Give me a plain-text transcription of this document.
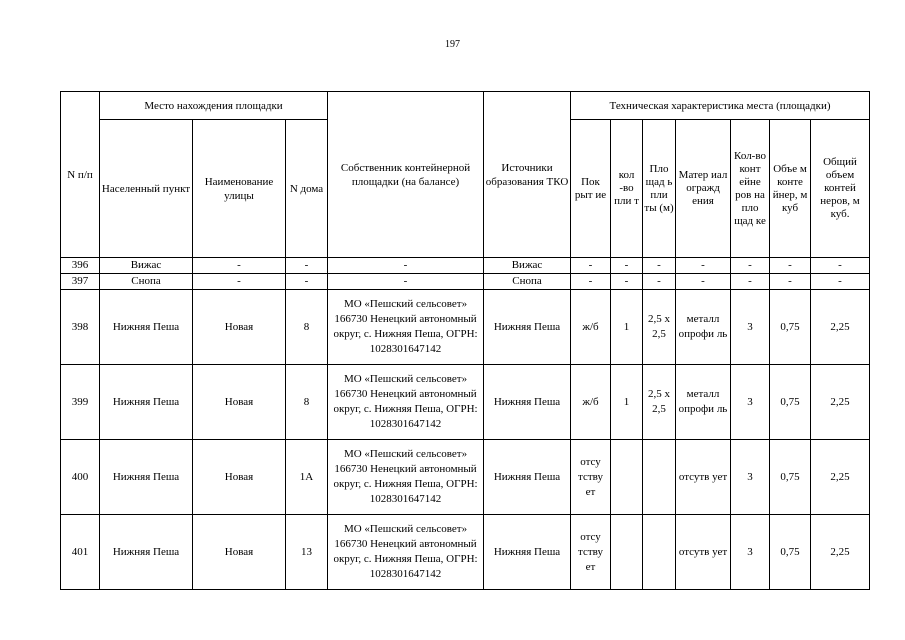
197
N п/п	Место нахождения площадки			Собственник контейнерной площадки (на балансе)	Источники образования ТКО	Техническая характеристика места (площадки)						
	Населенный пункт	Наименование улицы	N дома			Пок рыт ие	кол -во пли т	Пло щад ь пли ты (м)	Матер иал огражд ения	Кол-во конт ейне ров на пло щад ке	Объе м конте йнер, м куб	Общий объем контей неров, м куб.
396	Вижас	-	-	-	Вижас	-	-	-	-	-	-	-
397	Снопа	-	-	-	Снопа	-	-	-	-	-	-	-
398	Нижняя Пеша	Новая	8	МО «Пешский сельсовет» 166730 Ненецкий автономный округ, с. Нижняя Пеша, ОГРН: 1028301647142	Нижняя Пеша	ж/б	1	2,5 х 2,5	металл опрофи ль	3	0,75	2,25
399	Нижняя Пеша	Новая	8	МО «Пешский сельсовет» 166730 Ненецкий автономный округ, с. Нижняя Пеша, ОГРН: 1028301647142	Нижняя Пеша	ж/б	1	2,5 х 2,5	металл опрофи ль	3	0,75	2,25
400	Нижняя Пеша	Новая	1А	МО «Пешский сельсовет» 166730 Ненецкий автономный округ, с. Нижняя Пеша, ОГРН: 1028301647142	Нижняя Пеша	отсу тству ет			отсутв ует	3	0,75	2,25
401	Нижняя Пеша	Новая	13	МО «Пешский сельсовет» 166730 Ненецкий автономный округ, с. Нижняя Пеша, ОГРН: 1028301647142	Нижняя Пеша	отсу тству ет			отсутв ует	3	0,75	2,25
